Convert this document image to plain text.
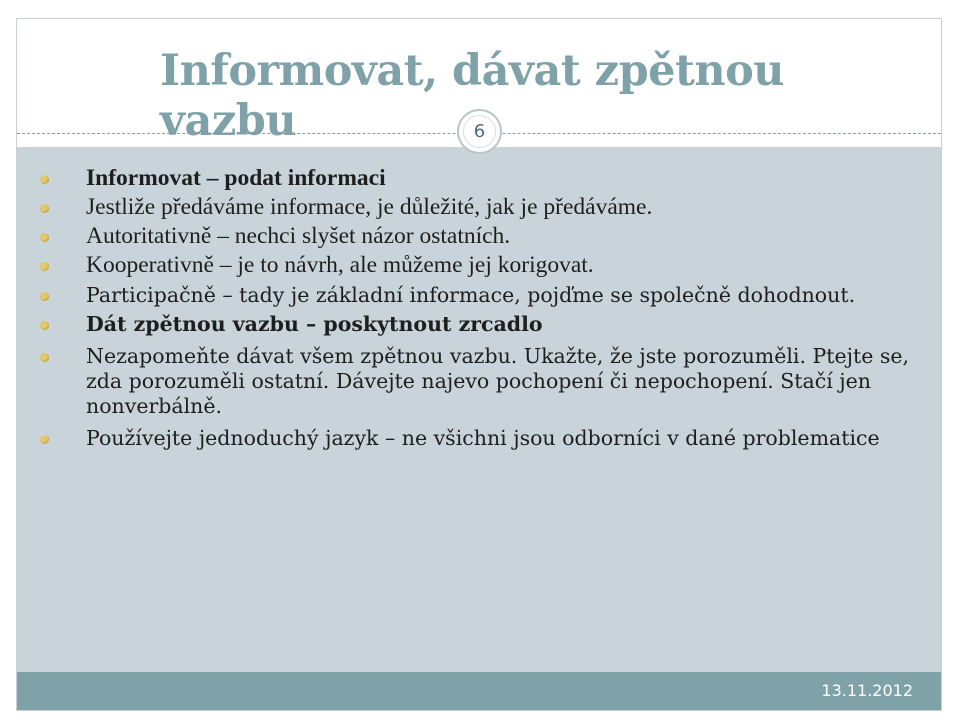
Informovat, dávat zpětnou vazbu	6
Informovat – podat informaci
Jestliže předáváme informace, je důležité, jak je předáváme.
Autoritativně – nechci slyšet názor ostatních.
Kooperativně – je to návrh, ale můžeme jej korigovat.
Participačně – tady je základní informace, pojďme se společně dohodnout.
Dát zpětnou vazbu – poskytnout zrcadlo
Nezapomeňte dávat všem zpětnou vazbu. Ukažte, že jste porozuměli. Ptejte se, zda porozuměli ostatní. Dávejte najevo pochopení či nepochopení. Stačí jen nonverbálně.
Používejte jednoduchý jazyk – ne všichni jsou odborníci v dané problematice
13.11.2012
